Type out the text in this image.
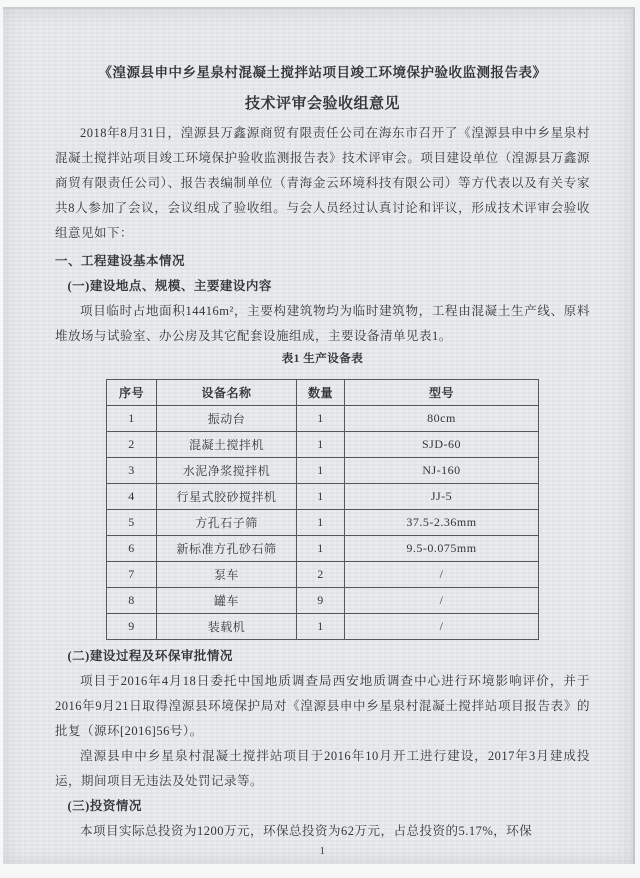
《湟源县申中乡星泉村混凝土搅拌站项目竣工环境保护验收监测报告表》

技术评审会验收组意见

2018年8月31日，湟源县万鑫源商贸有限责任公司在海东市召开了《湟源县申中乡星泉村混凝土搅拌站项目竣工环境保护验收监测报告表》技术评审会。项目建设单位（湟源县万鑫源商贸有限责任公司）、报告表编制单位（青海金云环境科技有限公司）等方代表以及有关专家共8人参加了会议，会议组成了验收组。与会人员经过认真讨论和评议，形成技术评审会验收组意见如下：

一、工程建设基本情况

(一)建设地点、规模、主要建设内容

项目临时占地面积14416m²，主要构建筑物均为临时建筑物，工程由混凝土生产线、原料堆放场与试验室、办公房及其它配套设施组成，主要设备清单见表1。

表1 生产设备表

序号	设备名称	数量	型号
1	振动台	1	80cm
2	混凝土搅拌机	1	SJD-60
3	水泥净浆搅拌机	1	NJ-160
4	行星式胶砂搅拌机	1	JJ-5
5	方孔石子筛	1	37.5-2.36mm
6	新标准方孔砂石筛	1	9.5-0.075mm
7	泵车	2	/
8	罐车	9	/
9	装载机	1	/

(二)建设过程及环保审批情况

项目于2016年4月18日委托中国地质调查局西安地质调查中心进行环境影响评价，并于2016年9月21日取得湟源县环境保护局对《湟源县申中乡星泉村混凝土搅拌站项目报告表》的批复（源环[2016]56号）。

湟源县申中乡星泉村混凝土搅拌站项目于2016年10月开工进行建设，2017年3月建成投运，期间项目无违法及处罚记录等。

(三)投资情况

本项目实际总投资为1200万元，环保总投资为62万元，占总投资的5.17%，环保

1
